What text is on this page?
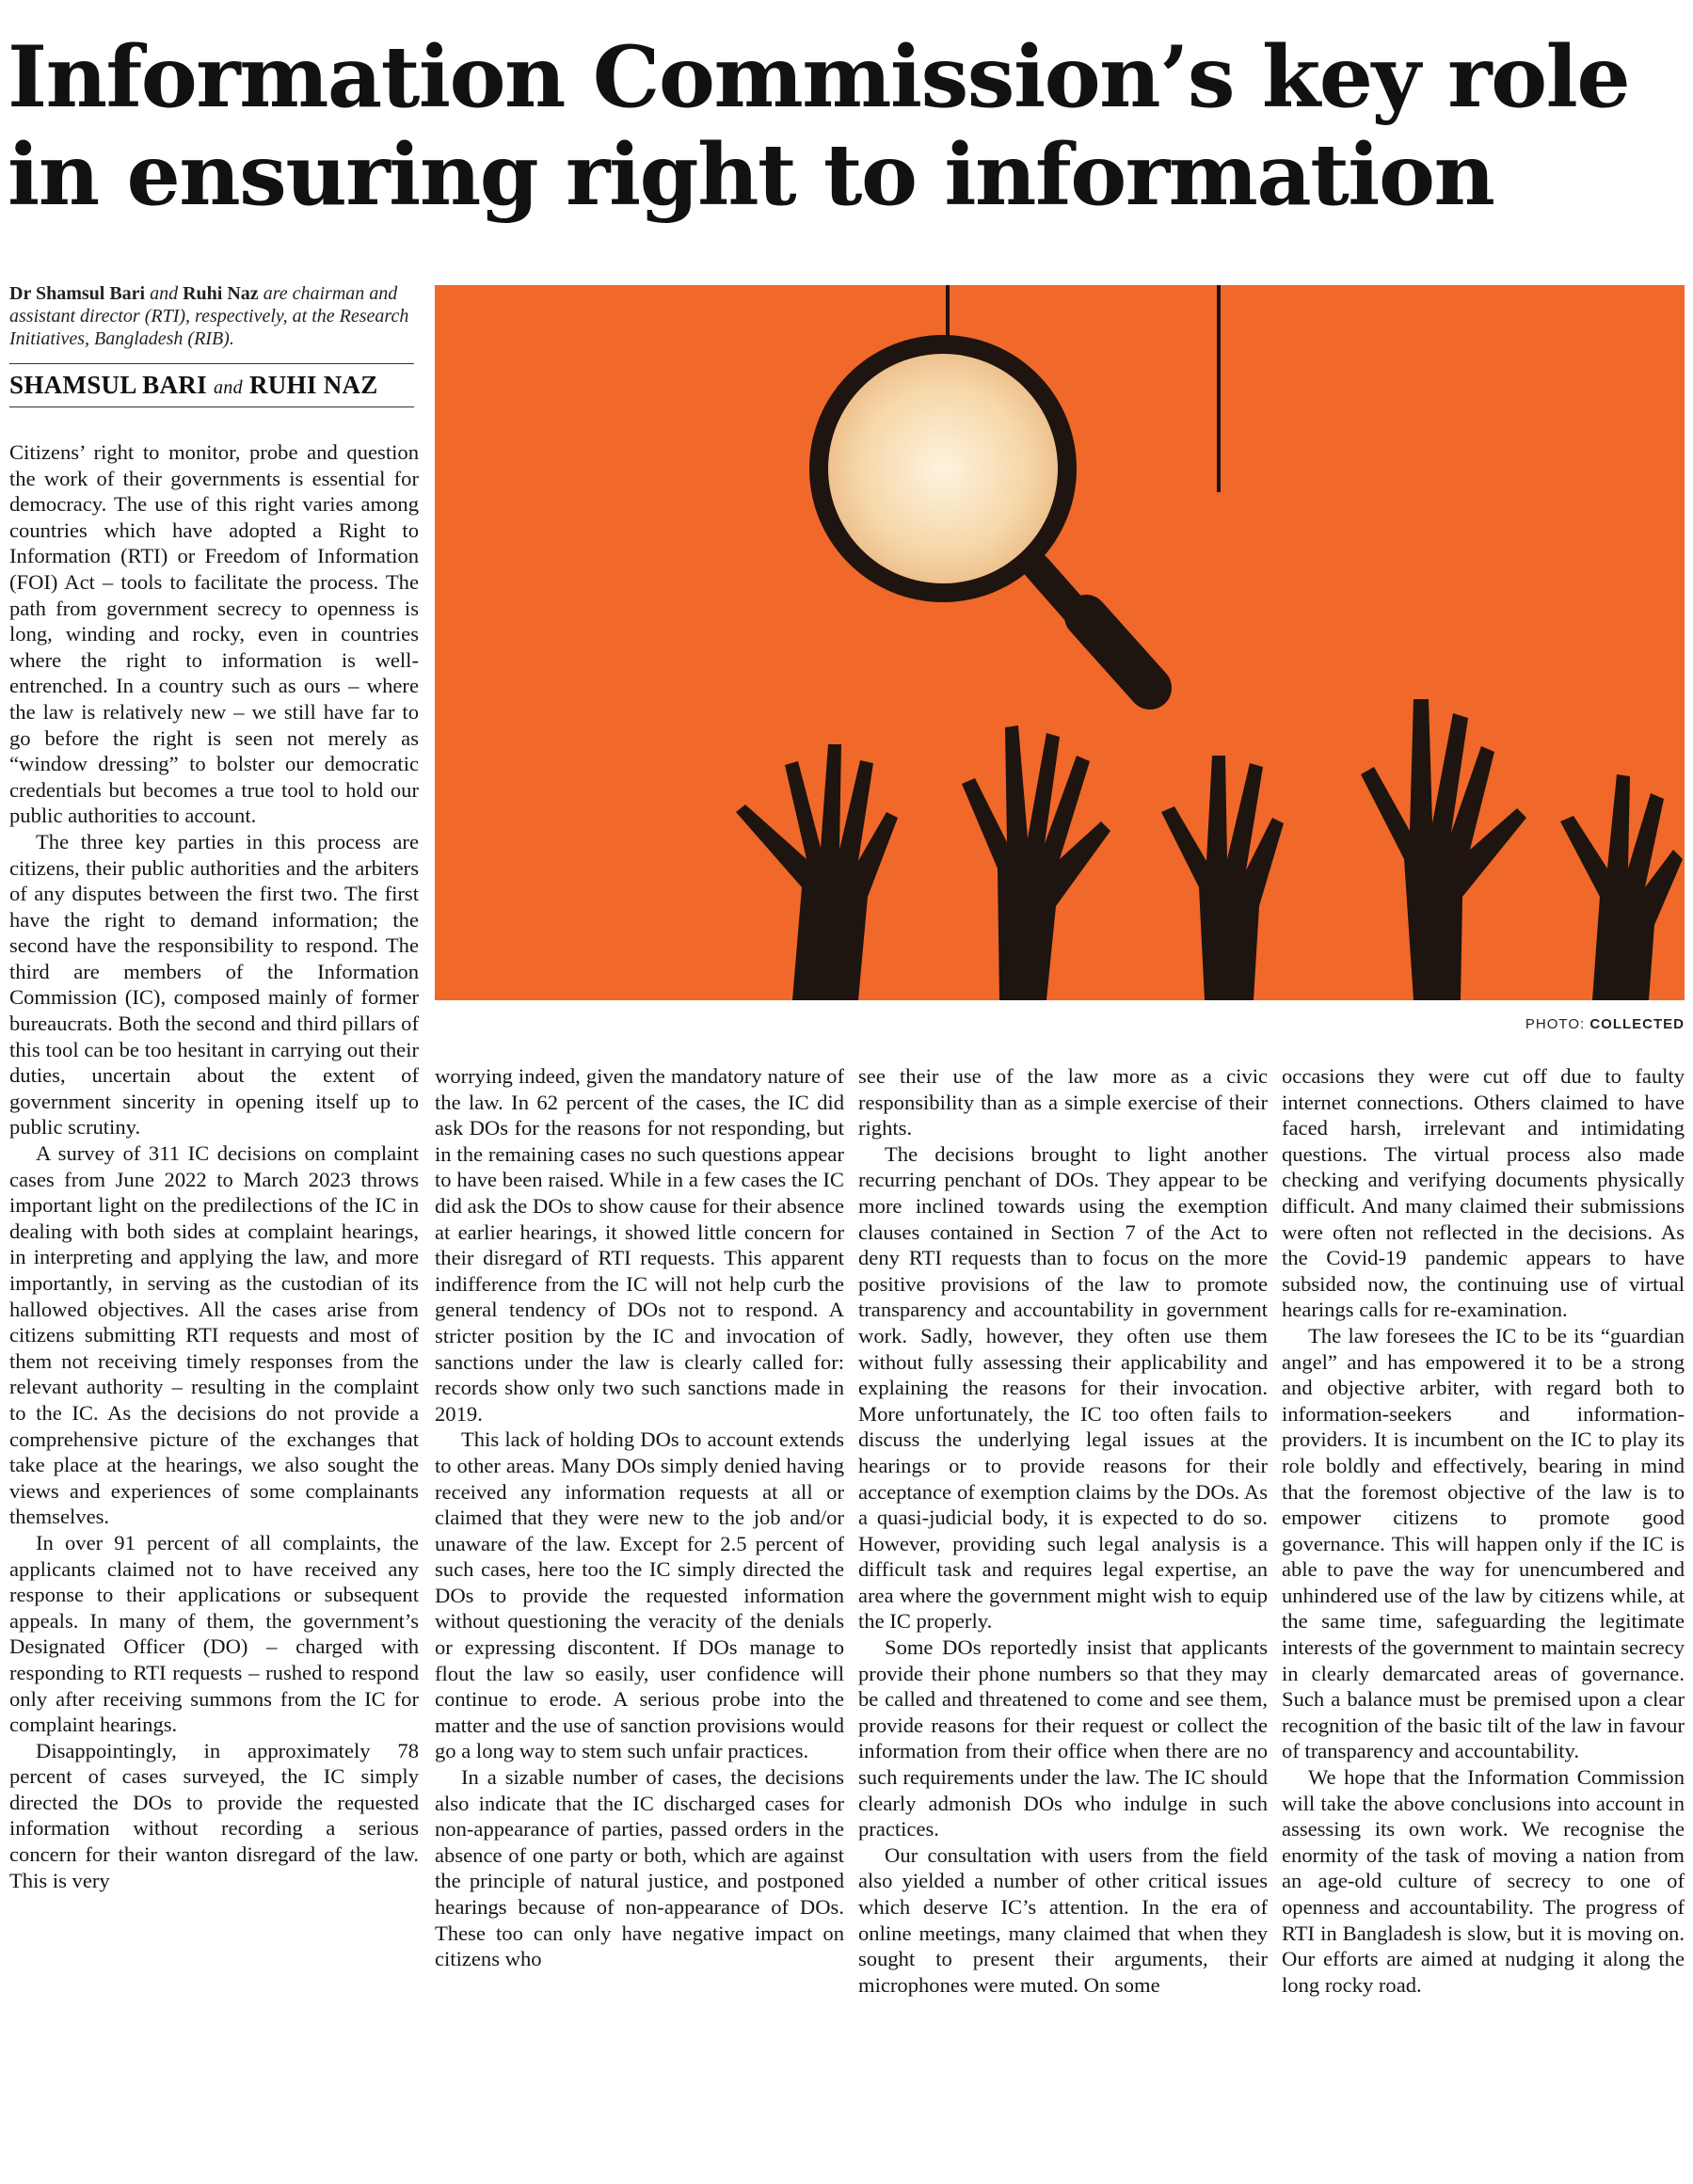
Information Commission’s key role
in ensuring right to information

Dr Shamsul Bari and Ruhi Naz are chairman and assistant director (RTI), respectively, at the Research Initiatives, Bangladesh (RIB).

SHAMSUL BARI and RUHI NAZ

PHOTO: COLLECTED

Citizens’ right to monitor, probe and question the work of their governments is essential for democracy. The use of this right varies among countries which have adopted a Right to Information (RTI) or Freedom of Information (FOI) Act – tools to facilitate the process. The path from government secrecy to openness is long, winding and rocky, even in countries where the right to information is well-entrenched. In a country such as ours – where the law is relatively new – we still have far to go before the right is seen not merely as “window dressing” to bolster our democratic credentials but becomes a true tool to hold our public authorities to account.

The three key parties in this process are citizens, their public authorities and the arbiters of any disputes between the first two. The first have the right to demand information; the second have the responsibility to respond. The third are members of the Information Commission (IC), composed mainly of former bureaucrats. Both the second and third pillars of this tool can be too hesitant in carrying out their duties, uncertain about the extent of government sincerity in opening itself up to public scrutiny.

A survey of 311 IC decisions on complaint cases from June 2022 to March 2023 throws important light on the predilections of the IC in dealing with both sides at complaint hearings, in interpreting and applying the law, and more importantly, in serving as the custodian of its hallowed objectives. All the cases arise from citizens submitting RTI requests and most of them not receiving timely responses from the relevant authority – resulting in the complaint to the IC. As the decisions do not provide a comprehensive picture of the exchanges that take place at the hearings, we also sought the views and experiences of some complainants themselves.

In over 91 percent of all complaints, the applicants claimed not to have received any response to their applications or subsequent appeals. In many of them, the government’s Designated Officer (DO) – charged with responding to RTI requests – rushed to respond only after receiving summons from the IC for complaint hearings.

Disappointingly, in approximately 78 percent of cases surveyed, the IC simply directed the DOs to provide the requested information without recording a serious concern for their wanton disregard of the law. This is very

worrying indeed, given the mandatory nature of the law. In 62 percent of the cases, the IC did ask DOs for the reasons for not responding, but in the remaining cases no such questions appear to have been raised. While in a few cases the IC did ask the DOs to show cause for their absence at earlier hearings, it showed little concern for their disregard of RTI requests. This apparent indifference from the IC will not help curb the general tendency of DOs not to respond. A stricter position by the IC and invocation of sanctions under the law is clearly called for: records show only two such sanctions made in 2019.

This lack of holding DOs to account extends to other areas. Many DOs simply denied having received any information requests at all or claimed that they were new to the job and/or unaware of the law. Except for 2.5 percent of such cases, here too the IC simply directed the DOs to provide the requested information without questioning the veracity of the denials or expressing discontent. If DOs manage to flout the law so easily, user confidence will continue to erode. A serious probe into the matter and the use of sanction provisions would go a long way to stem such unfair practices.

In a sizable number of cases, the decisions also indicate that the IC discharged cases for non-appearance of parties, passed orders in the absence of one party or both, which are against the principle of natural justice, and postponed hearings because of non-appearance of DOs. These too can only have negative impact on citizens who

see their use of the law more as a civic responsibility than as a simple exercise of their rights.

The decisions brought to light another recurring penchant of DOs. They appear to be more inclined towards using the exemption clauses contained in Section 7 of the Act to deny RTI requests than to focus on the more positive provisions of the law to promote transparency and accountability in government work. Sadly, however, they often use them without fully assessing their applicability and explaining the reasons for their invocation. More unfortunately, the IC too often fails to discuss the underlying legal issues at the hearings or to provide reasons for their acceptance of exemption claims by the DOs. As a quasi-judicial body, it is expected to do so. However, providing such legal analysis is a difficult task and requires legal expertise, an area where the government might wish to equip the IC properly.

Some DOs reportedly insist that applicants provide their phone numbers so that they may be called and threatened to come and see them, provide reasons for their request or collect the information from their office when there are no such requirements under the law. The IC should clearly admonish DOs who indulge in such practices.

Our consultation with users from the field also yielded a number of other critical issues which deserve IC’s attention. In the era of online meetings, many claimed that when they sought to present their arguments, their microphones were muted. On some

occasions they were cut off due to faulty internet connections. Others claimed to have faced harsh, irrelevant and intimidating questions. The virtual process also made checking and verifying documents physically difficult. And many claimed their submissions were often not reflected in the decisions. As the Covid-19 pandemic appears to have subsided now, the continuing use of virtual hearings calls for re-examination.

The law foresees the IC to be its “guardian angel” and has empowered it to be a strong and objective arbiter, with regard both to information-seekers and information-providers. It is incumbent on the IC to play its role boldly and effectively, bearing in mind that the foremost objective of the law is to empower citizens to promote good governance. This will happen only if the IC is able to pave the way for unencumbered and unhindered use of the law by citizens while, at the same time, safeguarding the legitimate interests of the government to maintain secrecy in clearly demarcated areas of governance. Such a balance must be premised upon a clear recognition of the basic tilt of the law in favour of transparency and accountability.

We hope that the Information Commission will take the above conclusions into account in assessing its own work. We recognise the enormity of the task of moving a nation from an age-old culture of secrecy to one of openness and accountability. The progress of RTI in Bangladesh is slow, but it is moving on. Our efforts are aimed at nudging it along the long rocky road.
